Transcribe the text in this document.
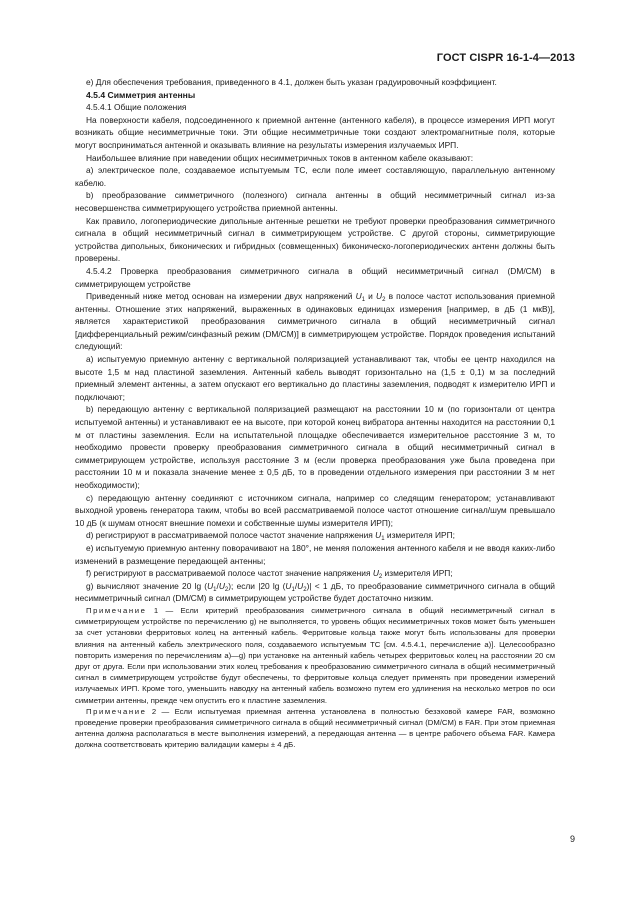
ГОСТ CISPR 16-1-4—2013

e) Для обеспечения требования, приведенного в 4.1, должен быть указан градуировочный коэффициент.

4.5.4 Симметрия антенны

4.5.4.1 Общие положения

На поверхности кабеля, подсоединенного к приемной антенне (антенного кабеля), в процессе измерения ИРП могут возникать общие несимметричные токи. Эти общие несимметричные токи создают электромагнитные поля, которые могут восприниматься антенной и оказывать влияние на результаты измерения излучаемых ИРП.

Наибольшее влияние при наведении общих несимметричных токов в антенном кабеле оказывают:

a) электрическое поле, создаваемое испытуемым ТС, если поле имеет составляющую, параллельную антенному кабелю.

b) преобразование симметричного (полезного) сигнала антенны в общий несимметричный сигнал из-за несовершенства симметрирующего устройства приемной антенны.

Как правило, логопериодические дипольные антенные решетки не требуют проверки преобразования симметричного сигнала в общий несимметричный сигнал в симметрирующем устройстве. С другой стороны, симметрирующие устройства дипольных, биконических и гибридных (совмещенных) биконическо-логопериодических антенн должны быть проверены.

4.5.4.2 Проверка преобразования симметричного сигнала в общий несимметричный сигнал (DM/CM) в симметрирующем устройстве

Приведенный ниже метод основан на измерении двух напряжений $U_1$ и $U_2$ в полосе частот использования приемной антенны. Отношение этих напряжений, выраженных в одинаковых единицах измерения [например, в дБ (1 мкВ)], является характеристикой преобразования симметричного сигнала в общий несимметричный сигнал [дифференциальный режим/синфазный режим (DM/CM)] в симметрирующем устройстве. Порядок проведения испытаний следующий:

a) испытуемую приемную антенну с вертикальной поляризацией устанавливают так, чтобы ее центр находился на высоте 1,5 м над пластиной заземления. Антенный кабель выводят горизонтально на (1,5 ± 0,1) м за последний приемный элемент антенны, а затем опускают его вертикально до пластины заземления, подводят к измерителю ИРП и подключают;

b) передающую антенну с вертикальной поляризацией размещают на расстоянии 10 м (по горизонтали от центра испытуемой антенны) и устанавливают ее на высоте, при которой конец вибратора антенны находится на расстоянии 0,1 м от пластины заземления. Если на испытательной площадке обеспечивается измерительное расстояние 3 м, то необходимо провести проверку преобразования симметричного сигнала в общий несимметричный сигнал в симметрирующем устройстве, используя расстояние 3 м (если проверка преобразования уже была проведена при расстоянии 10 м и показала значение менее ± 0,5 дБ, то в проведении отдельного измерения при расстоянии 3 м нет необходимости);

c) передающую антенну соединяют с источником сигнала, например со следящим генератором; устанавливают выходной уровень генератора таким, чтобы во всей рассматриваемой полосе частот отношение сигнал/шум превышало 10 дБ (к шумам относят внешние помехи и собственные шумы измерителя ИРП);

d) регистрируют в рассматриваемой полосе частот значение напряжения $U_1$ измерителя ИРП;

e) испытуемую приемную антенну поворачивают на 180°, не меняя положения антенного кабеля и не вводя каких-либо изменений в размещение передающей антенны;

f) регистрируют в рассматриваемой полосе частот значение напряжения $U_2$ измерителя ИРП;

g) вычисляют значение 20 $\lg (U_1/U_2)$; если |20 $\lg (U_1/U_2)| < 1$ дБ, то преобразование симметричного сигнала в общий несимметричный сигнал (DM/CM) в симметрирующем устройстве будет достаточно низким.

Примечание 1 — Если критерий преобразования симметричного сигнала в общий несимметричный сигнал в симметрирующем устройстве по перечислению g) не выполняется, то уровень общих несимметричных токов может быть уменьшен за счет установки ферритовых колец на антенный кабель. Ферритовые кольца также могут быть использованы для проверки влияния на антенный кабель электрического поля, создаваемого испытуемым ТС [см. 4.5.4.1, перечисление а)]. Целесообразно повторить измерения по перечислениям а)—g) при установке на антенный кабель четырех ферритовых колец на расстоянии 20 см друг от друга. Если при использовании этих колец требования к преобразованию симметричного сигнала в общий несимметричный сигнал в симметрирующем устройстве будут обеспечены, то ферритовые кольца следует применять при проведении измерений излучаемых ИРП. Кроме того, уменьшить наводку на антенный кабель возможно путем его удлинения на несколько метров по оси симметрии антенны, прежде чем опустить его к пластине заземления.

Примечание 2 — Если испытуемая приемная антенна установлена в полностью безэховой камере FAR, возможно проведение проверки преобразования симметричного сигнала в общий несимметричный сигнал (DM/CM) в FAR. При этом приемная антенна должна располагаться в месте выполнения измерений, а передающая антенна — в центре рабочего объема FAR. Камера должна соответствовать критерию валидации камеры ± 4 дБ.

9
